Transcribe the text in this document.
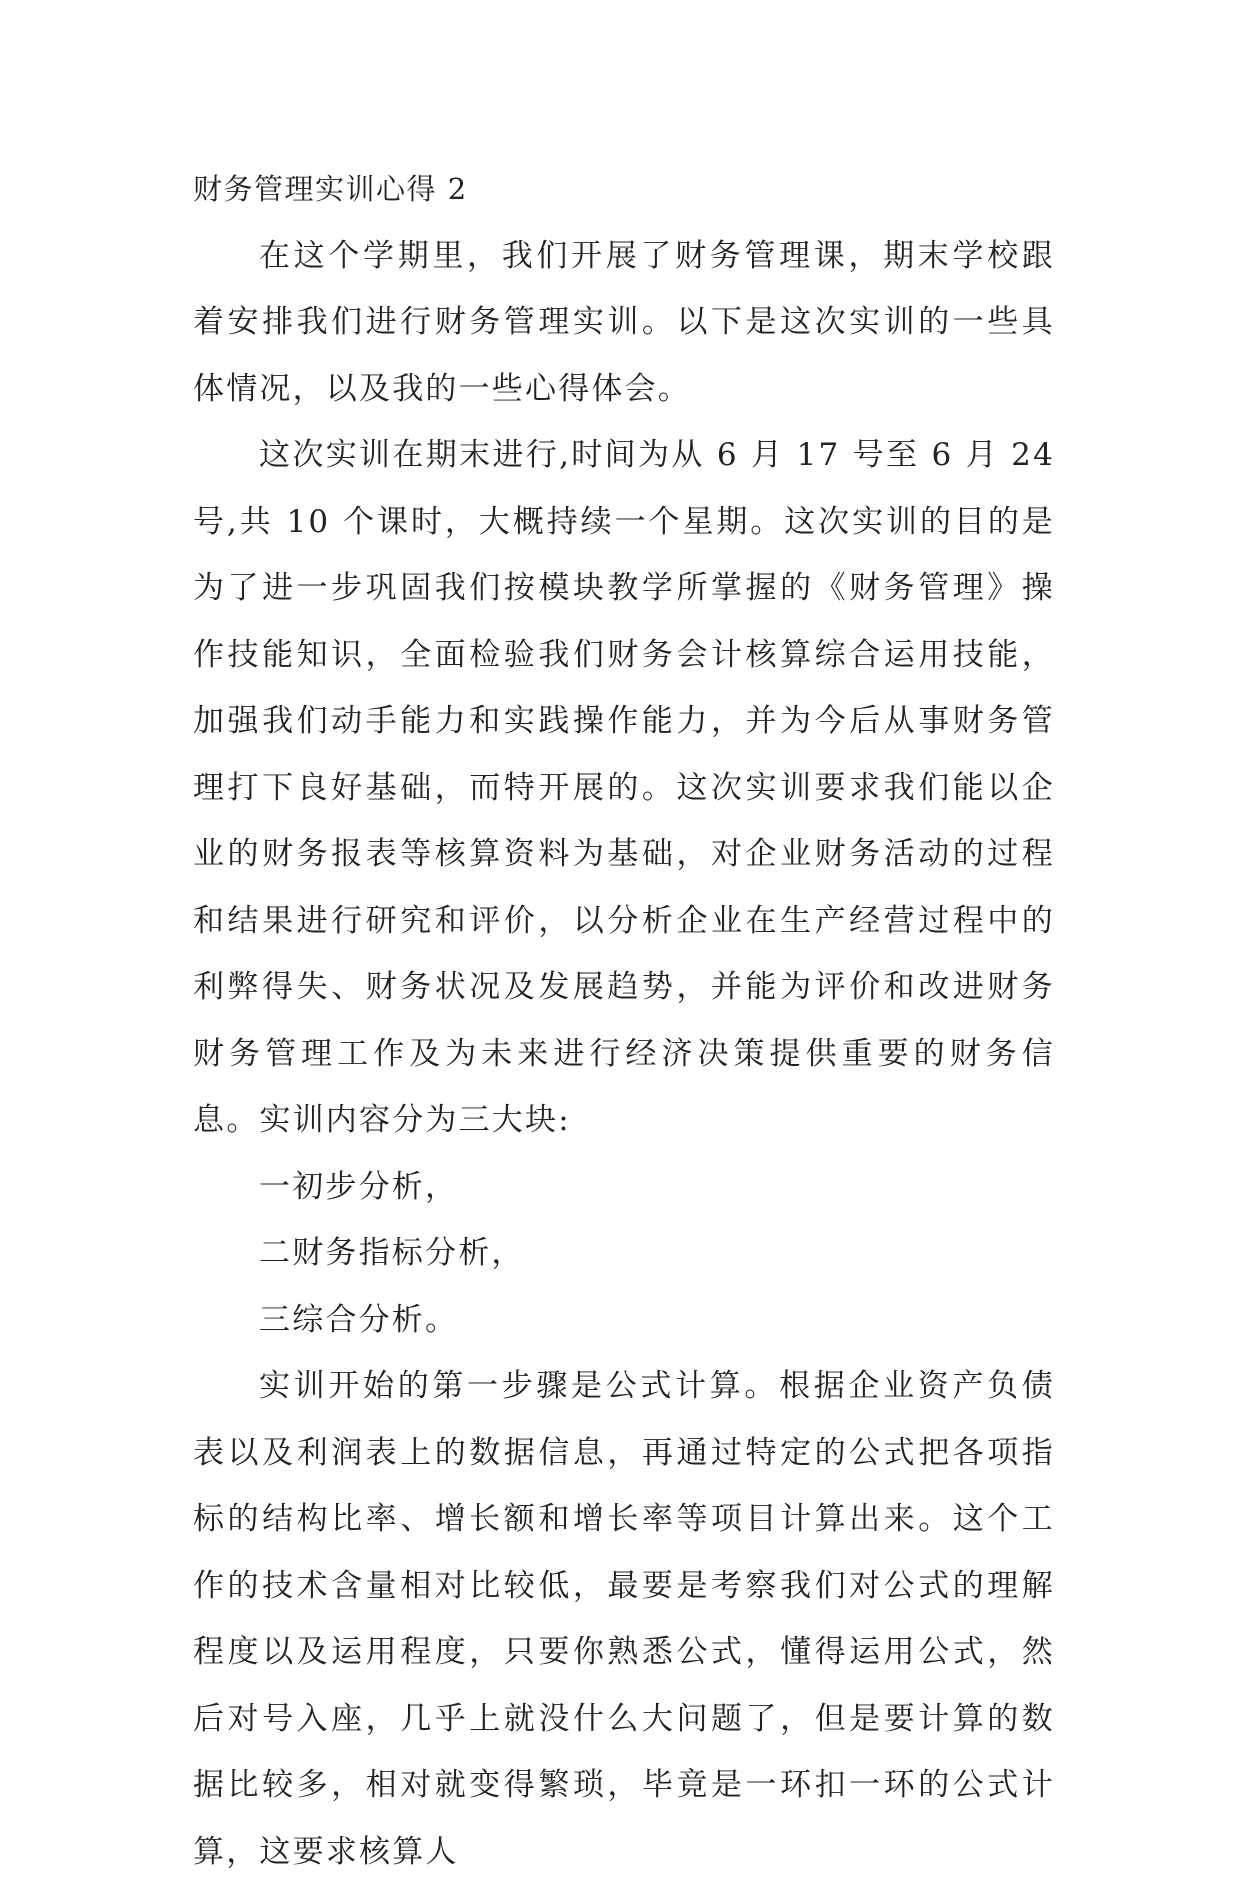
财务管理实训心得 2

在这个学期里，我们开展了财务管理课，期末学校跟着安排我们进行财务管理实训。以下是这次实训的一些具体情况，以及我的一些心得体会。

这次实训在期末进行,时间为从 6 月 17 号至 6 月 24 号,共 10 个课时，大概持续一个星期。这次实训的目的是为了进一步巩固我们按模块教学所掌握的《财务管理》操作技能知识，全面检验我们财务会计核算综合运用技能，加强我们动手能力和实践操作能力，并为今后从事财务管理打下良好基础，而特开展的。这次实训要求我们能以企业的财务报表等核算资料为基础，对企业财务活动的过程和结果进行研究和评价，以分析企业在生产经营过程中的利弊得失、财务状况及发展趋势，并能为评价和改进财务财务管理工作及为未来进行经济决策提供重要的财务信息。实训内容分为三大块:

一初步分析，

二财务指标分析，

三综合分析。

实训开始的第一步骤是公式计算。根据企业资产负债表以及利润表上的数据信息，再通过特定的公式把各项指标的结构比率、增长额和增长率等项目计算出来。这个工作的技术含量相对比较低，最要是考察我们对公式的理解程度以及运用程度，只要你熟悉公式，懂得运用公式，然后对号入座，几乎上就没什么大问题了，但是要计算的数据比较多，相对就变得繁琐，毕竟是一环扣一环的公式计算，这要求核算人
